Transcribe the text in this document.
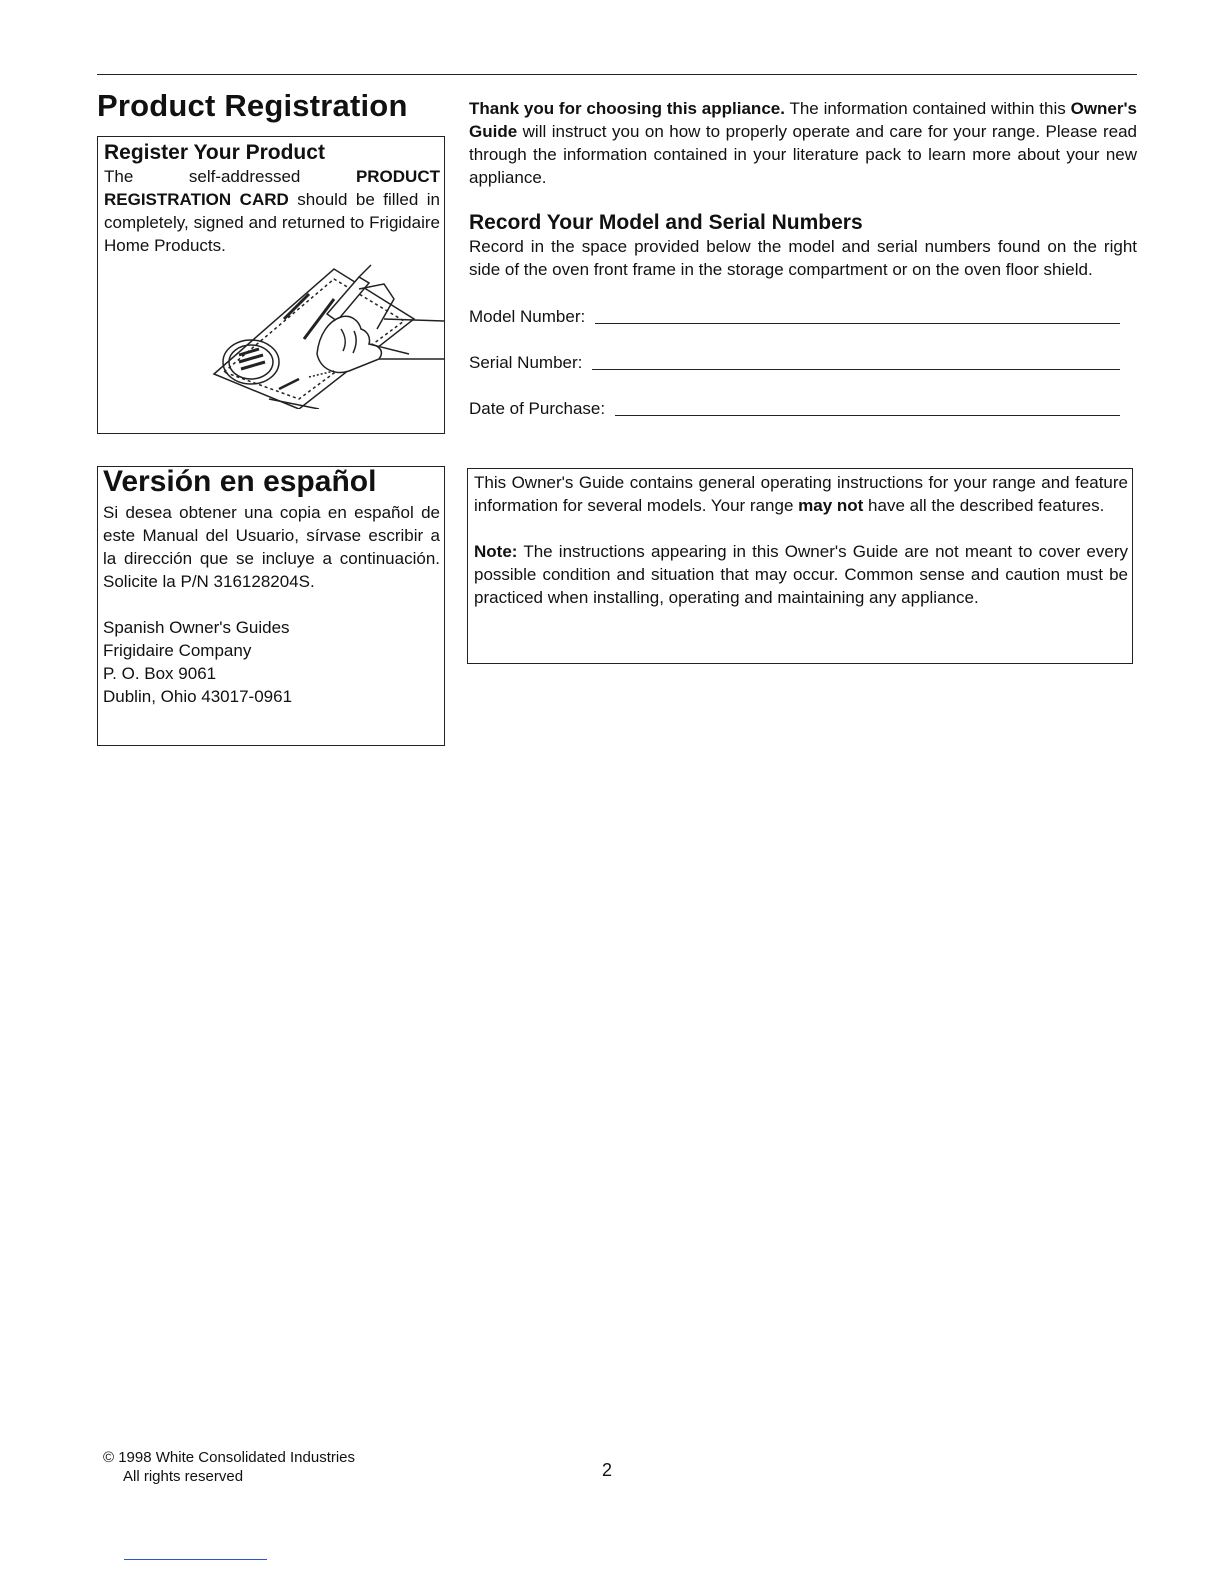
Product Registration
Register Your Product

The self-addressed PRODUCT REGISTRATION CARD should be filled in completely, signed and returned to Frigidaire Home Products.

Versión en español

Si desea obtener una copia en español de este Manual del Usuario, sírvase escribir a la dirección que se incluye a continuación. Solicite la P/N 316128204S.

Spanish Owner's Guides

Frigidaire Company

P. O. Box 9061

Dublin, Ohio 43017-0961

Thank you for choosing this appliance. The information contained within this Owner's Guide will instruct you on how to properly operate and care for your range. Please read through the information contained in your literature pack to learn more about your new appliance.

Record Your Model and Serial Numbers

Record in the space provided below the model and serial numbers found on the right side of the oven front frame in the storage compartment or on the oven floor shield.

Model Number:
Serial Number:
Date of Purchase:

This Owner's Guide contains general operating instructions for your range and feature information for several models. Your range may not have all the described features.

Note: The instructions appearing in this Owner's Guide are not meant to cover every possible condition and situation that may occur. Common sense and caution must be practiced when installing, operating and maintaining any appliance.

© 1998 White Consolidated Industries
All rights reserved	2
